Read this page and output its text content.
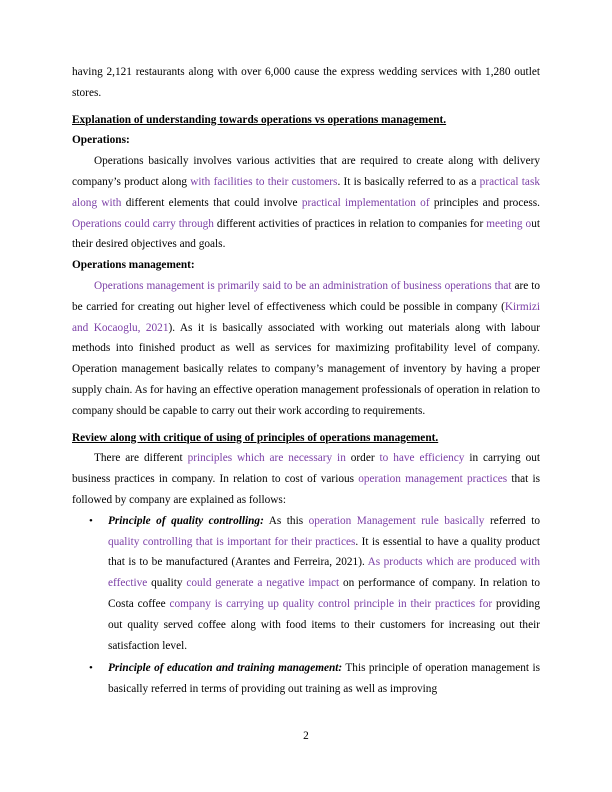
having 2,121 restaurants along with over 6,000 cause the express wedding services with 1,280 outlet stores.

Explanation of understanding towards operations vs operations management.
Operations:

Operations basically involves various activities that are required to create along with delivery company’s product along with facilities to their customers. It is basically referred to as a practical task along with different elements that could involve practical implementation of principles and process. Operations could carry through different activities of practices in relation to companies for meeting out their desired objectives and goals.

Operations management:

Operations management is primarily said to be an administration of business operations that are to be carried for creating out higher level of effectiveness which could be possible in company (Kirmizi and Kocaoglu, 2021). As it is basically associated with working out materials along with labour methods into finished product as well as services for maximizing profitability level of company. Operation management basically relates to company’s management of inventory by having a proper supply chain. As for having an effective operation management professionals of operation in relation to company should be capable to carry out their work according to requirements.

Review along with critique of using of principles of operations management.

There are different principles which are necessary in order to have efficiency in carrying out business practices in company. In relation to cost of various operation management practices that is followed by company are explained as follows:

• Principle of quality controlling: As this operation Management rule basically referred to quality controlling that is important for their practices. It is essential to have a quality product that is to be manufactured (Arantes and Ferreira, 2021). As products which are produced with effective quality could generate a negative impact on performance of company. In relation to Costa coffee company is carrying up quality control principle in their practices for providing out quality served coffee along with food items to their customers for increasing out their satisfaction level.

• Principle of education and training management: This principle of operation management is basically referred in terms of providing out training as well as improving

2
